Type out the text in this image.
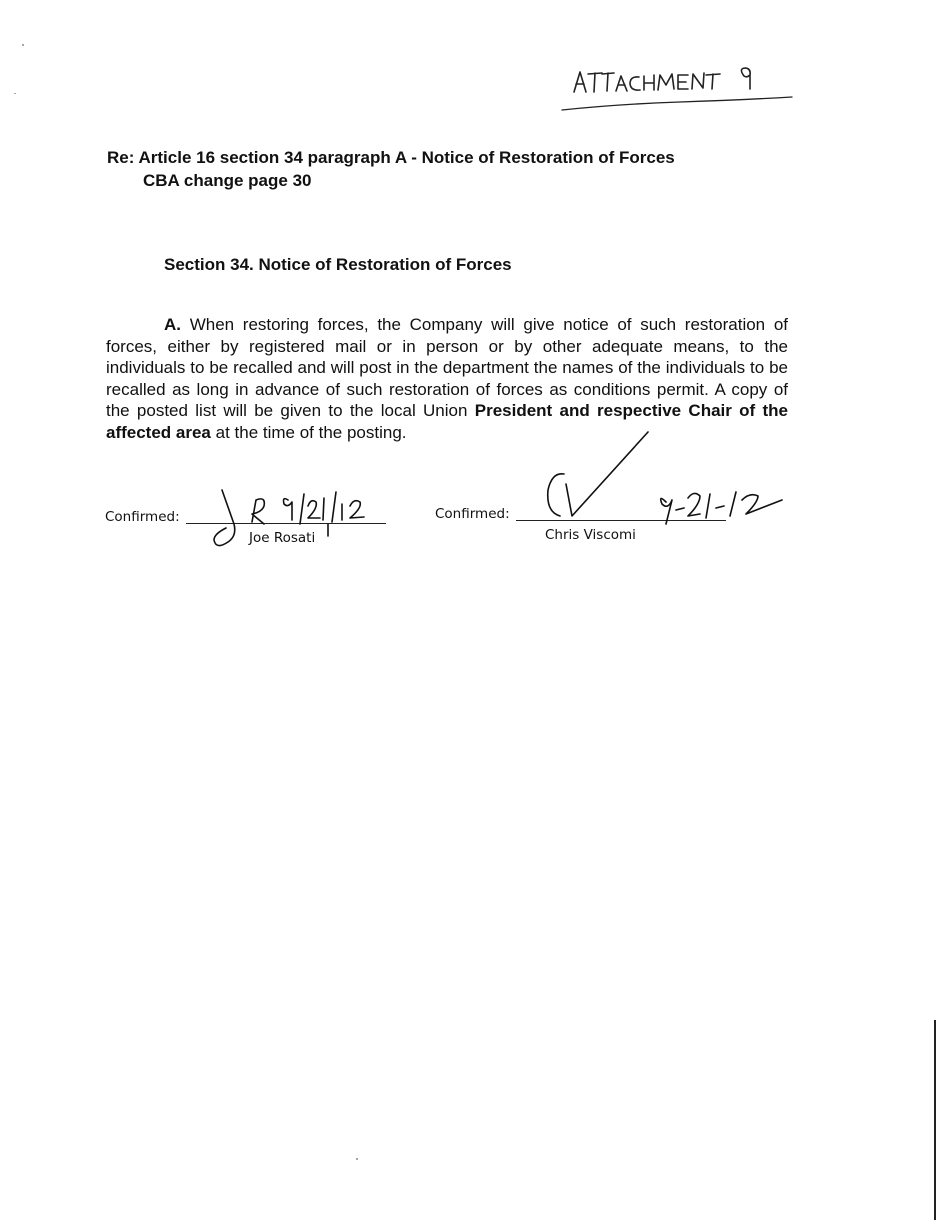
Re: Article 16 section 34 paragraph A - Notice of Restoration of Forces
CBA change page 30
Section 34. Notice of Restoration of Forces
A. When restoring forces, the Company will give notice of such restoration of forces, either by registered mail or in person or by other adequate means, to the individuals to be recalled and will post in the department the names of the individuals to be recalled as long in advance of such restoration of forces as conditions permit. A copy of the posted list will be given to the local Union President and respective Chair of the affected area at the time of the posting.
Confirmed:
Joe Rosati
Confirmed:
Chris Viscomi
